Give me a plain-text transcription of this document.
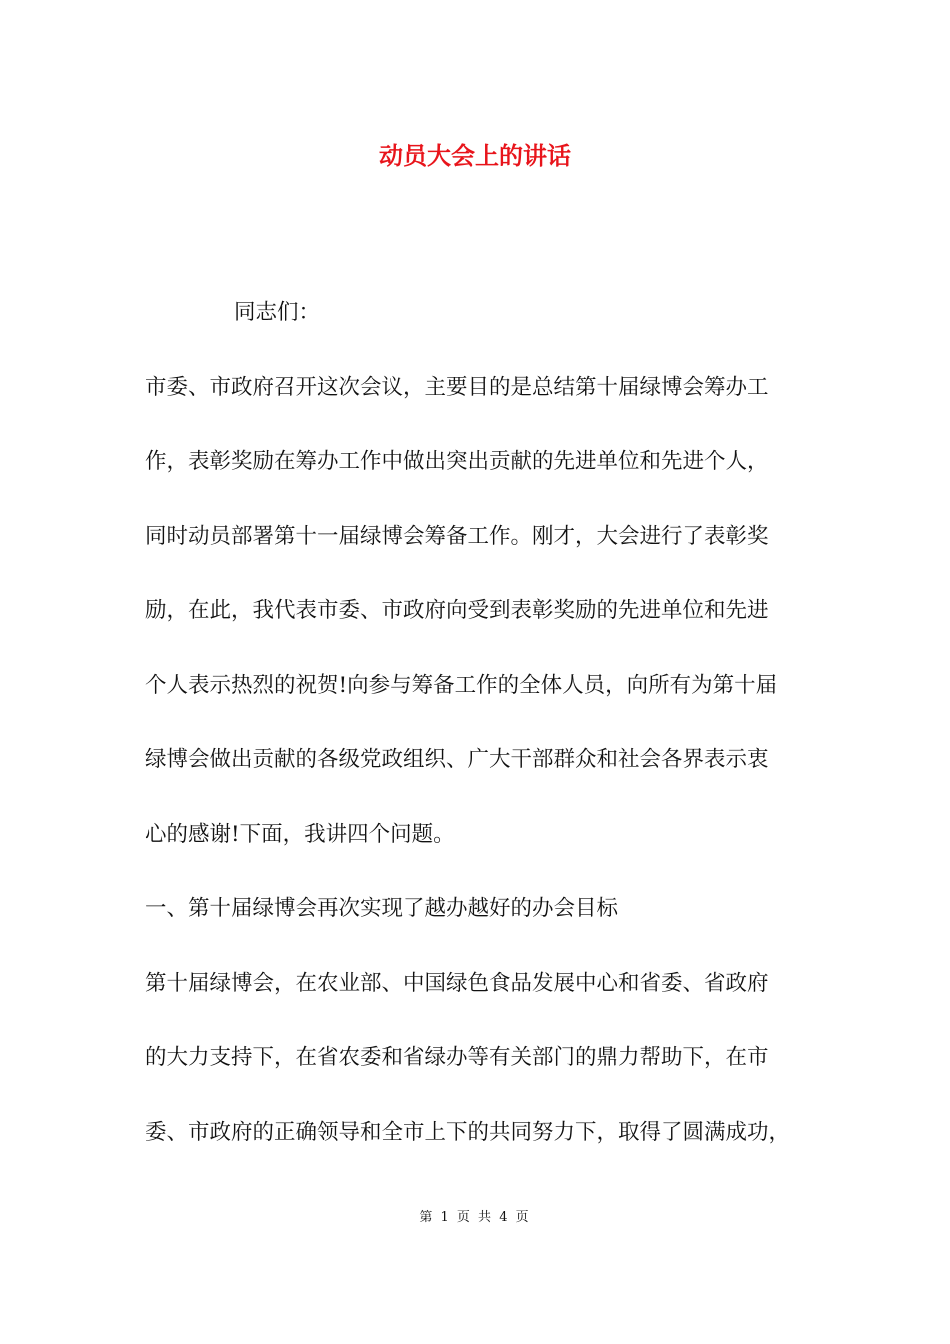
动员大会上的讲话

同志们：

市委、市政府召开这次会议，主要目的是总结第十届绿博会筹办工

作，表彰奖励在筹办工作中做出突出贡献的先进单位和先进个人，

同时动员部署第十一届绿博会筹备工作。刚才，大会进行了表彰奖

励，在此，我代表市委、市政府向受到表彰奖励的先进单位和先进

个人表示热烈的祝贺!向参与筹备工作的全体人员，向所有为第十届

绿博会做出贡献的各级党政组织、广大干部群众和社会各界表示衷

心的感谢!下面，我讲四个问题。

一、第十届绿博会再次实现了越办越好的办会目标

第十届绿博会，在农业部、中国绿色食品发展中心和省委、省政府

的大力支持下，在省农委和省绿办等有关部门的鼎力帮助下，在市

委、市政府的正确领导和全市上下的共同努力下，取得了圆满成功，

第 1 页 共 4 页
